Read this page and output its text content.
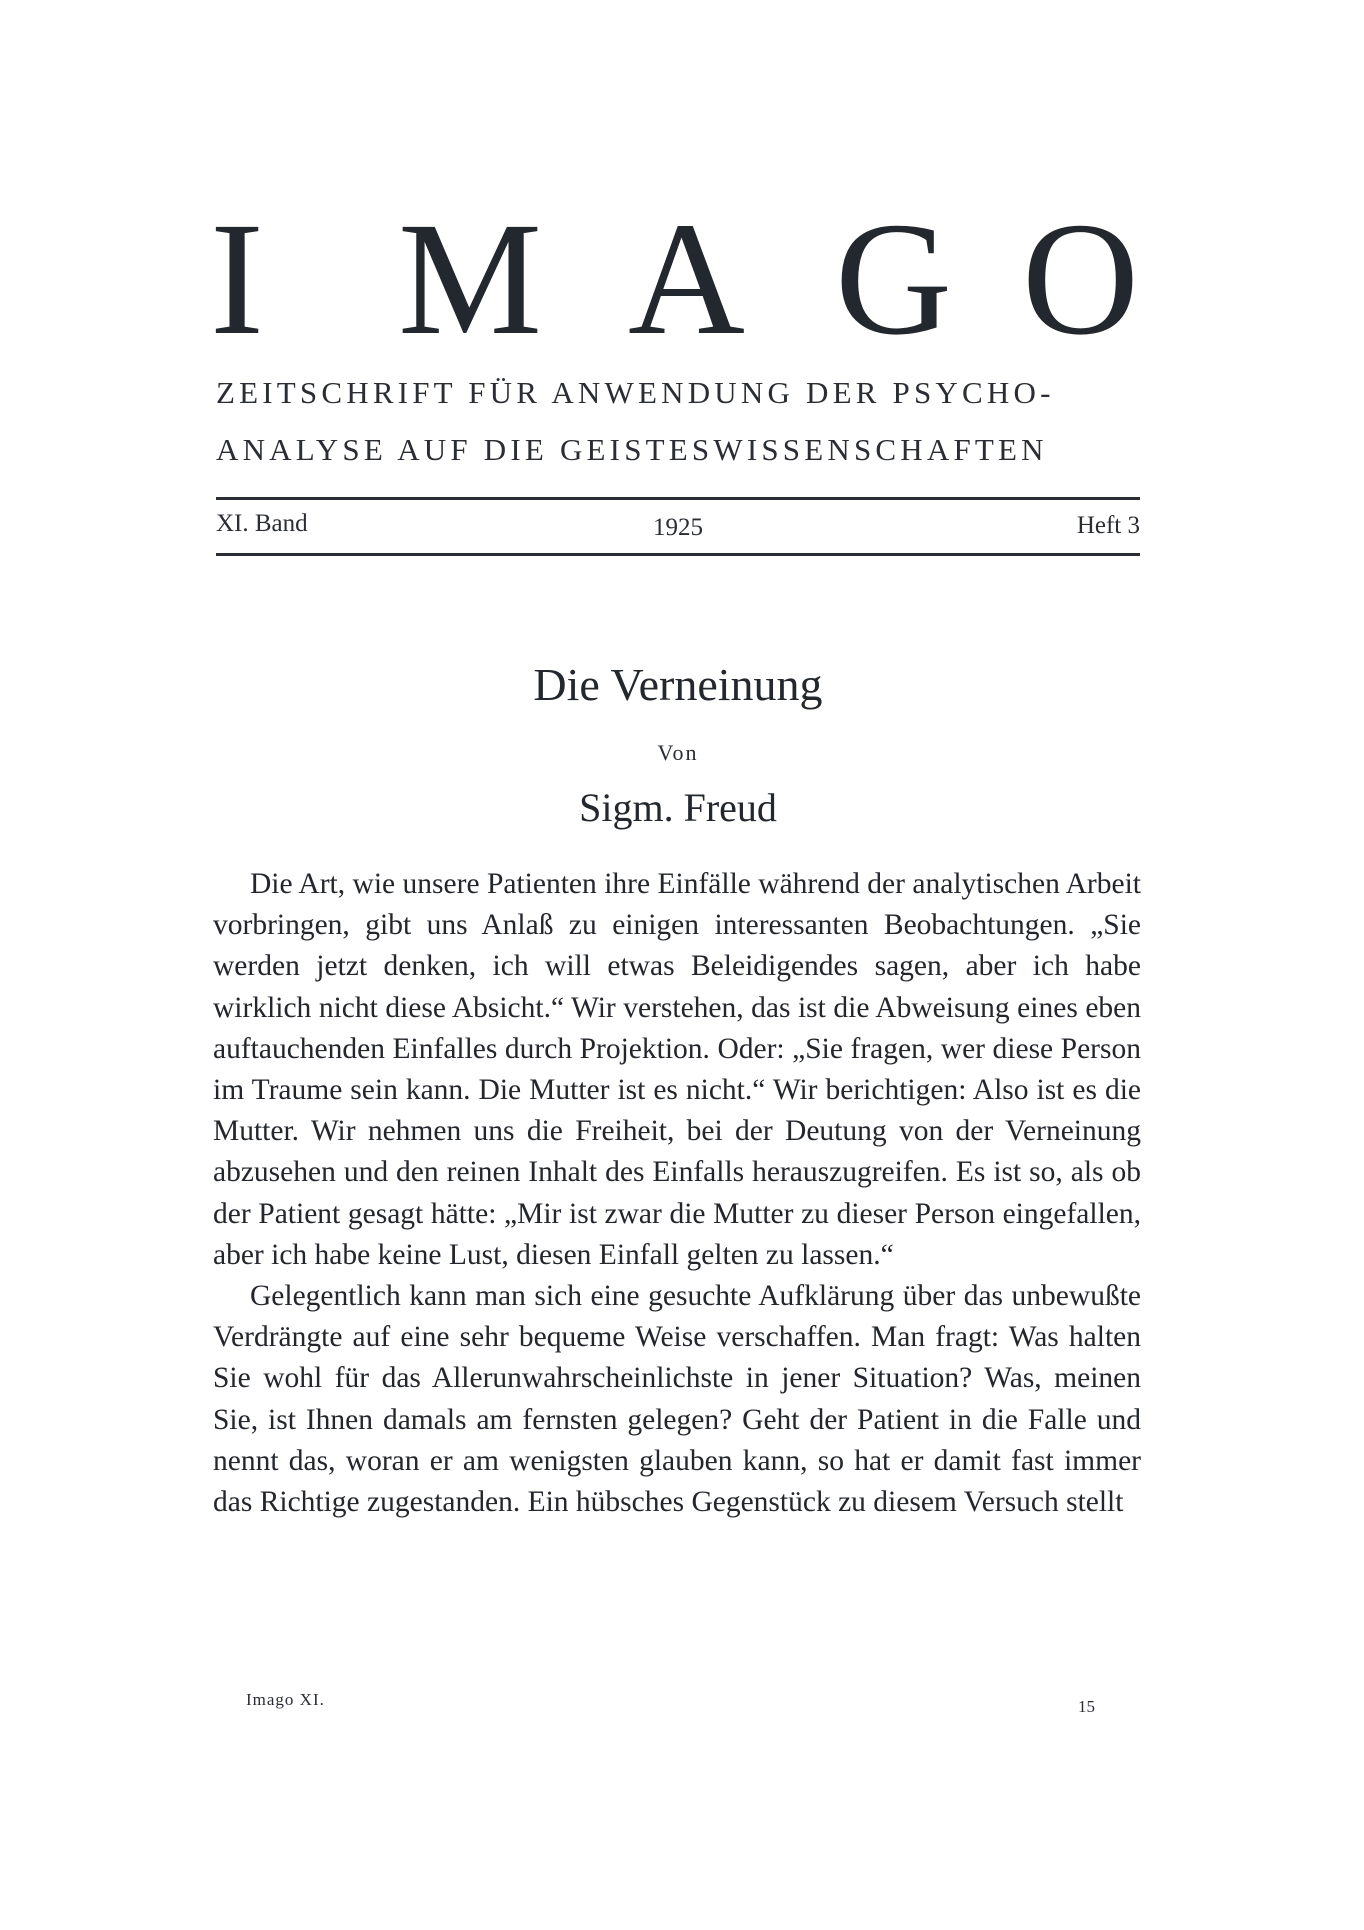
I M A G O
ZEITSCHRIFT FÜR ANWENDUNG DER PSYCHO-
ANALYSE AUF DIE GEISTESWISSENSCHAFTEN
XI. Band	1925	Heft 3
Die Verneinung
Von
Sigm. Freud

Die Art, wie unsere Patienten ihre Einfälle während der analytischen Arbeit vorbringen, gibt uns Anlaß zu einigen interessanten Beobachtungen. „Sie werden jetzt denken, ich will etwas Beleidigendes sagen, aber ich habe wirklich nicht diese Absicht.“ Wir verstehen, das ist die Abweisung eines eben auftauchenden Einfalles durch Projektion. Oder: „Sie fragen, wer diese Person im Traume sein kann. Die Mutter ist es nicht.“ Wir berichtigen: Also ist es die Mutter. Wir nehmen uns die Freiheit, bei der Deutung von der Verneinung abzusehen und den reinen Inhalt des Einfalls herauszugreifen. Es ist so, als ob der Patient gesagt hätte: „Mir ist zwar die Mutter zu dieser Person eingefallen, aber ich habe keine Lust, diesen Einfall gelten zu lassen.“

Gelegentlich kann man sich eine gesuchte Aufklärung über das unbewußte Verdrängte auf eine sehr bequeme Weise verschaffen. Man fragt: Was halten Sie wohl für das Allerunwahrscheinlichste in jener Situation? Was, meinen Sie, ist Ihnen damals am fernsten gelegen? Geht der Patient in die Falle und nennt das, woran er am wenigsten glauben kann, so hat er damit fast immer das Richtige zugestanden. Ein hübsches Gegenstück zu diesem Versuch stellt

Imago XI.	15
